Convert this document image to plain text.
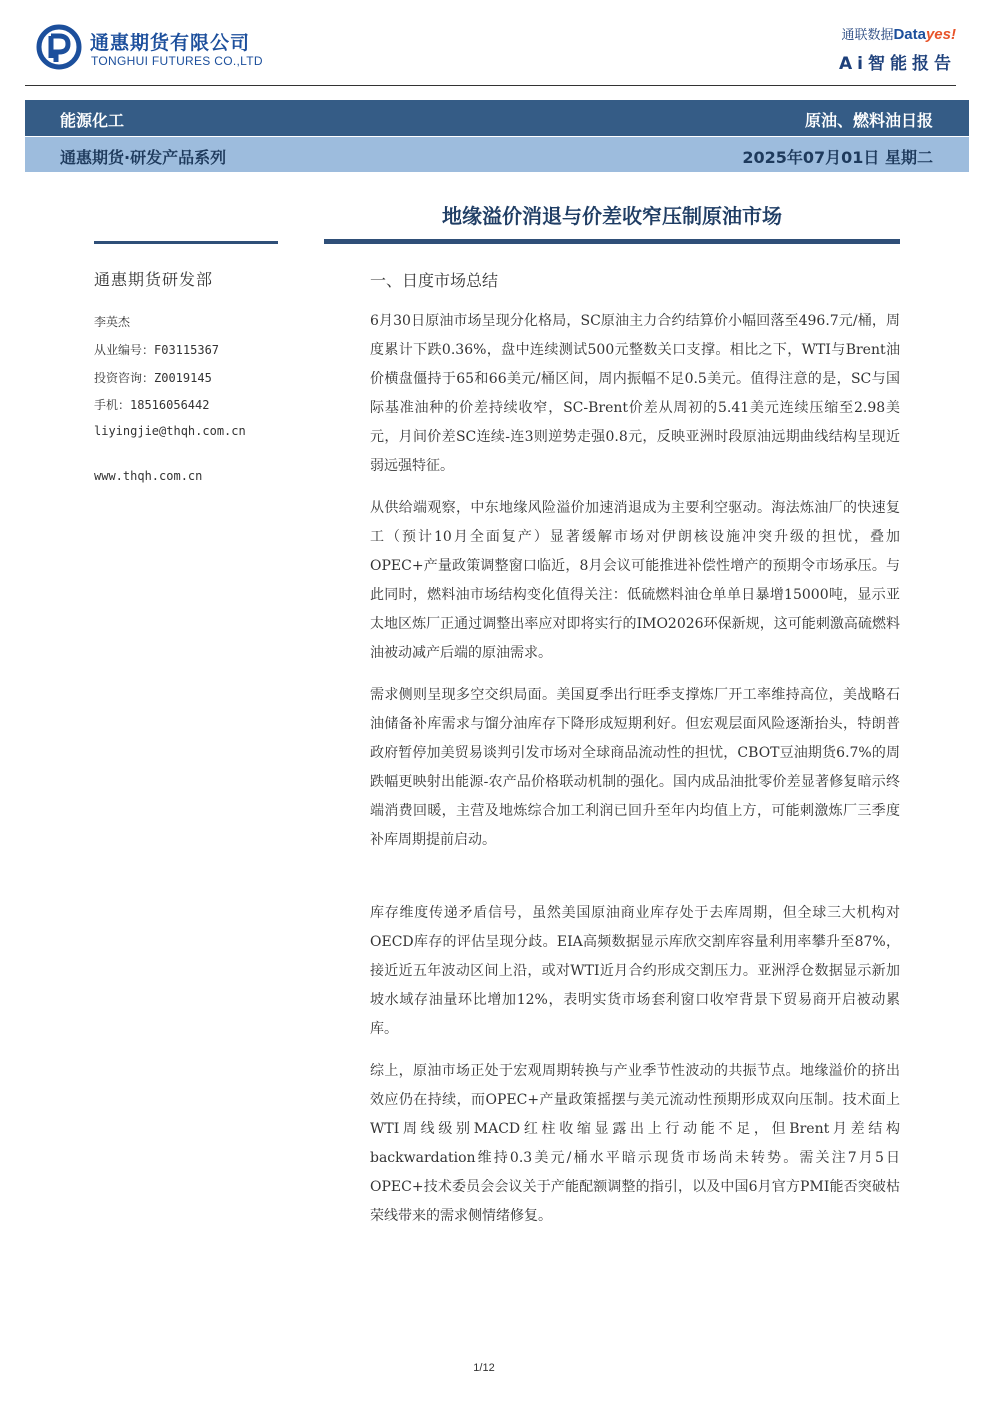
通惠期货有限公司
TONGHUI FUTURES CO.,LTD
通联数据Datayes!
Ai智能报告
能源化工	原油、燃料油日报
通惠期货·研发产品系列	2025年07月01日 星期二
地缘溢价消退与价差收窄压制原油市场
通惠期货研发部
李英杰
从业编号：F03115367
投资咨询：Z0019145
手机：18516056442
liyingjie@thqh.com.cn
www.thqh.com.cn
一、日度市场总结
6月30日原油市场呈现分化格局，SC原油主力合约结算价小幅回落至496.7元/桶，周度累计下跌0.36%，盘中连续测试500元整数关口支撑。相比之下，WTI与Brent油价横盘僵持于65和66美元/桶区间，周内振幅不足0.5美元。值得注意的是，SC与国际基准油种的价差持续收窄，SC-Brent价差从周初的5.41美元连续压缩至2.98美元，月间价差SC连续-连3则逆势走强0.8元，反映亚洲时段原油远期曲线结构呈现近弱远强特征。
从供给端观察，中东地缘风险溢价加速消退成为主要利空驱动。海法炼油厂的快速复工（预计10月全面复产）显著缓解市场对伊朗核设施冲突升级的担忧，叠加OPEC+产量政策调整窗口临近，8月会议可能推进补偿性增产的预期令市场承压。与此同时，燃料油市场结构变化值得关注：低硫燃料油仓单单日暴增15000吨，显示亚太地区炼厂正通过调整出率应对即将实行的IMO2026环保新规，这可能刺激高硫燃料油被动减产后端的原油需求。
需求侧则呈现多空交织局面。美国夏季出行旺季支撑炼厂开工率维持高位，美战略石油储备补库需求与馏分油库存下降形成短期利好。但宏观层面风险逐渐抬头，特朗普政府暂停加美贸易谈判引发市场对全球商品流动性的担忧，CBOT豆油期货6.7%的周跌幅更映射出能源-农产品价格联动机制的强化。国内成品油批零价差显著修复暗示终端消费回暖，主营及地炼综合加工利润已回升至年内均值上方，可能刺激炼厂三季度补库周期提前启动。
库存维度传递矛盾信号，虽然美国原油商业库存处于去库周期，但全球三大机构对OECD库存的评估呈现分歧。EIA高频数据显示库欣交割库容量利用率攀升至87%，接近近五年波动区间上沿，或对WTI近月合约形成交割压力。亚洲浮仓数据显示新加坡水域存油量环比增加12%，表明实货市场套利窗口收窄背景下贸易商开启被动累库。
综上，原油市场正处于宏观周期转换与产业季节性波动的共振节点。地缘溢价的挤出效应仍在持续，而OPEC+产量政策摇摆与美元流动性预期形成双向压制。技术面上WTI周线级别MACD红柱收缩显露出上行动能不足，但Brent月差结构backwardation维持0.3美元/桶水平暗示现货市场尚未转势。需关注7月5日OPEC+技术委员会会议关于产能配额调整的指引，以及中国6月官方PMI能否突破枯荣线带来的需求侧情绪修复。
1/12
